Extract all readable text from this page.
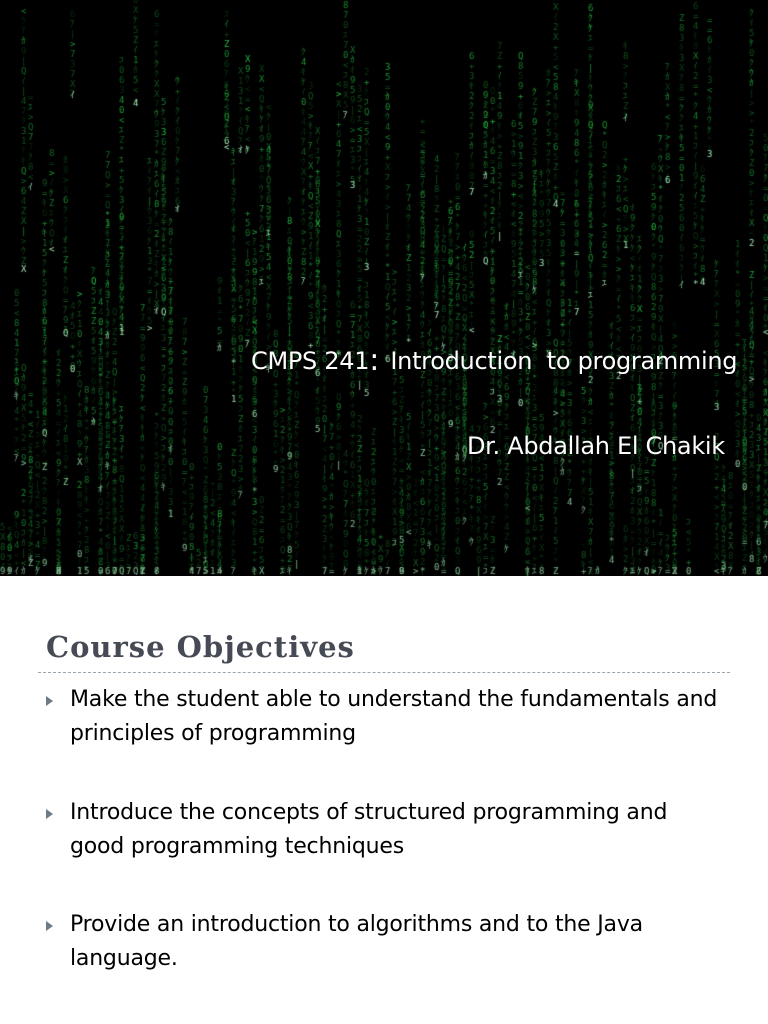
CMPS 241: Introduction  to programming
Dr. Abdallah El Chakik
Course Objectives
Make the student able to understand the fundamentals and principles of programming
Introduce the concepts of structured programming and good programming techniques
Provide an introduction to algorithms and to the Java language.
